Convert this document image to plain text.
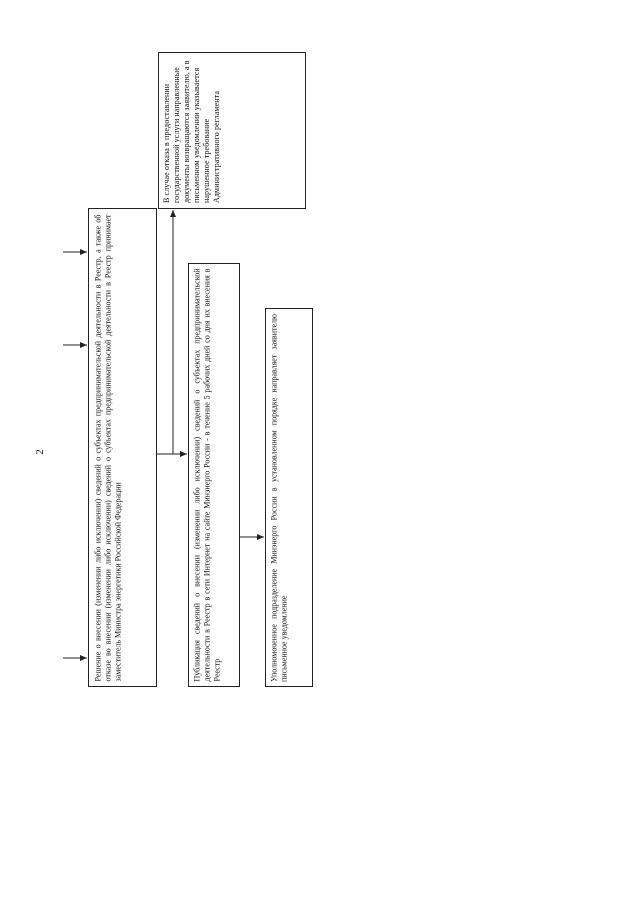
2	Решение о внесении (изменении либо исключении) сведений о субъектах предпринимательской деятельности в Реестр, а также об отказе во внесении (изменении либо исключении) сведений о субъектах предпринимательской деятельности в Реестр принимает заместитель Министра энергетики Российской Федерации	Публикация сведений о внесении (изменении либо исключении) сведений о субъектах предпринимательской деятельности в Реестр в сети Интернет на сайте Минэнерго России - в течение 5 рабочих дней со дня их внесения в Реестр	Уполномоченное подразделение Минэнерго России в установленном порядке направляет заявителю письменное уведомление
В случае отказа в предоставлении государственной услуги направленные документы возвращаются заявителю, а в письменном уведомлении указывается нарушенное требование Административного регламента
